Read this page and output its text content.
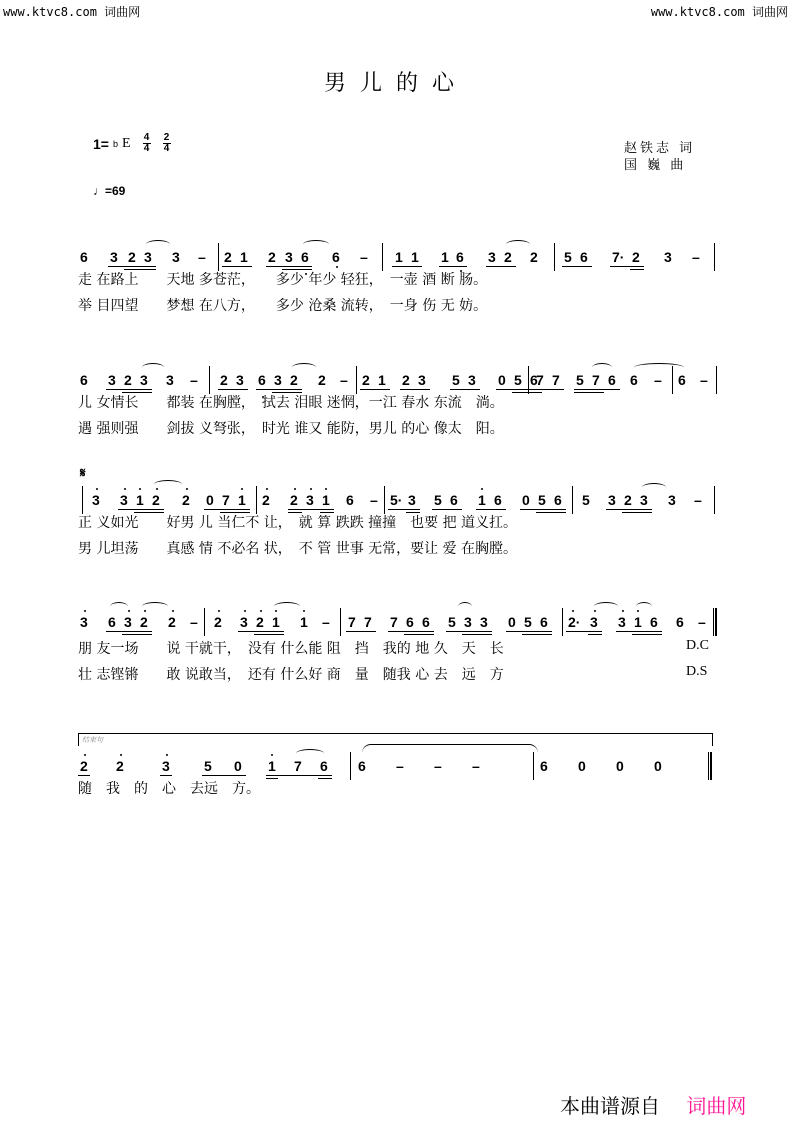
www.ktvc8.com 词曲网	www.ktvc8.com 词曲网
男儿的心
1= b E $\frac{4}{4} \frac{2}{4}$
♩=69
赵铁志 词
国 巍 曲
6 3 2 3 3 – 2 1 2 3 6 6 – 1 1 1 6 3 2 2 5 6 7· 2 3 –
走 在路上　　天地 多苍茫，　　多少 年少 轻狂，　一壶 酒 断 肠。
举 目四望　　梦想 在八方，　　多少 沧桑 流转，　一身 伤 无 妨。
6 3 2 3 3 – 2 3 6 3 2 2 – 2 1 2 3 5 3 0 5 6
7 7 5 7 6 6 – 6 –
儿 女情长　　都装 在胸膛，　拭去 泪眼 迷惘，一江 春水 东流　淌。
遇 强则强　　剑拔 义弩张，　时光 谁又 能防，男儿 的心 像太　阳。
𝄋
3 3 1 2 2 0 7 1 2 2 3 1 6 – 5· 3 5 6 1 6 0 5 6 5 3 2 3 3 –
正 义如光　　好男 儿 当仁不 让，　就 算 跌跌 撞撞　也要 把 道义扛。
男 儿坦荡　　真感 情 不必名 状，　不 管 世事 无常，要让 爱 在胸膛。
3 6 3 2 2 – 2 3 2 1 1 – 7 7 7 6 6 5 3 3 0 5 6 2· 3 3 1 6 6 –

朋 友一场　　说 干就干，　没有 什么能 阻　挡　我的 地 久　天　长

	D.C

壮 志铿锵　　敢 说敢当，　还有 什么好 商　量　随我 心 去　远　方

	D.S

结束句
2 2	3 5 0 1 7 6 6 – – –	6 0 0 0
随　我　的　心　去远　方。
本曲谱源自 词曲网
